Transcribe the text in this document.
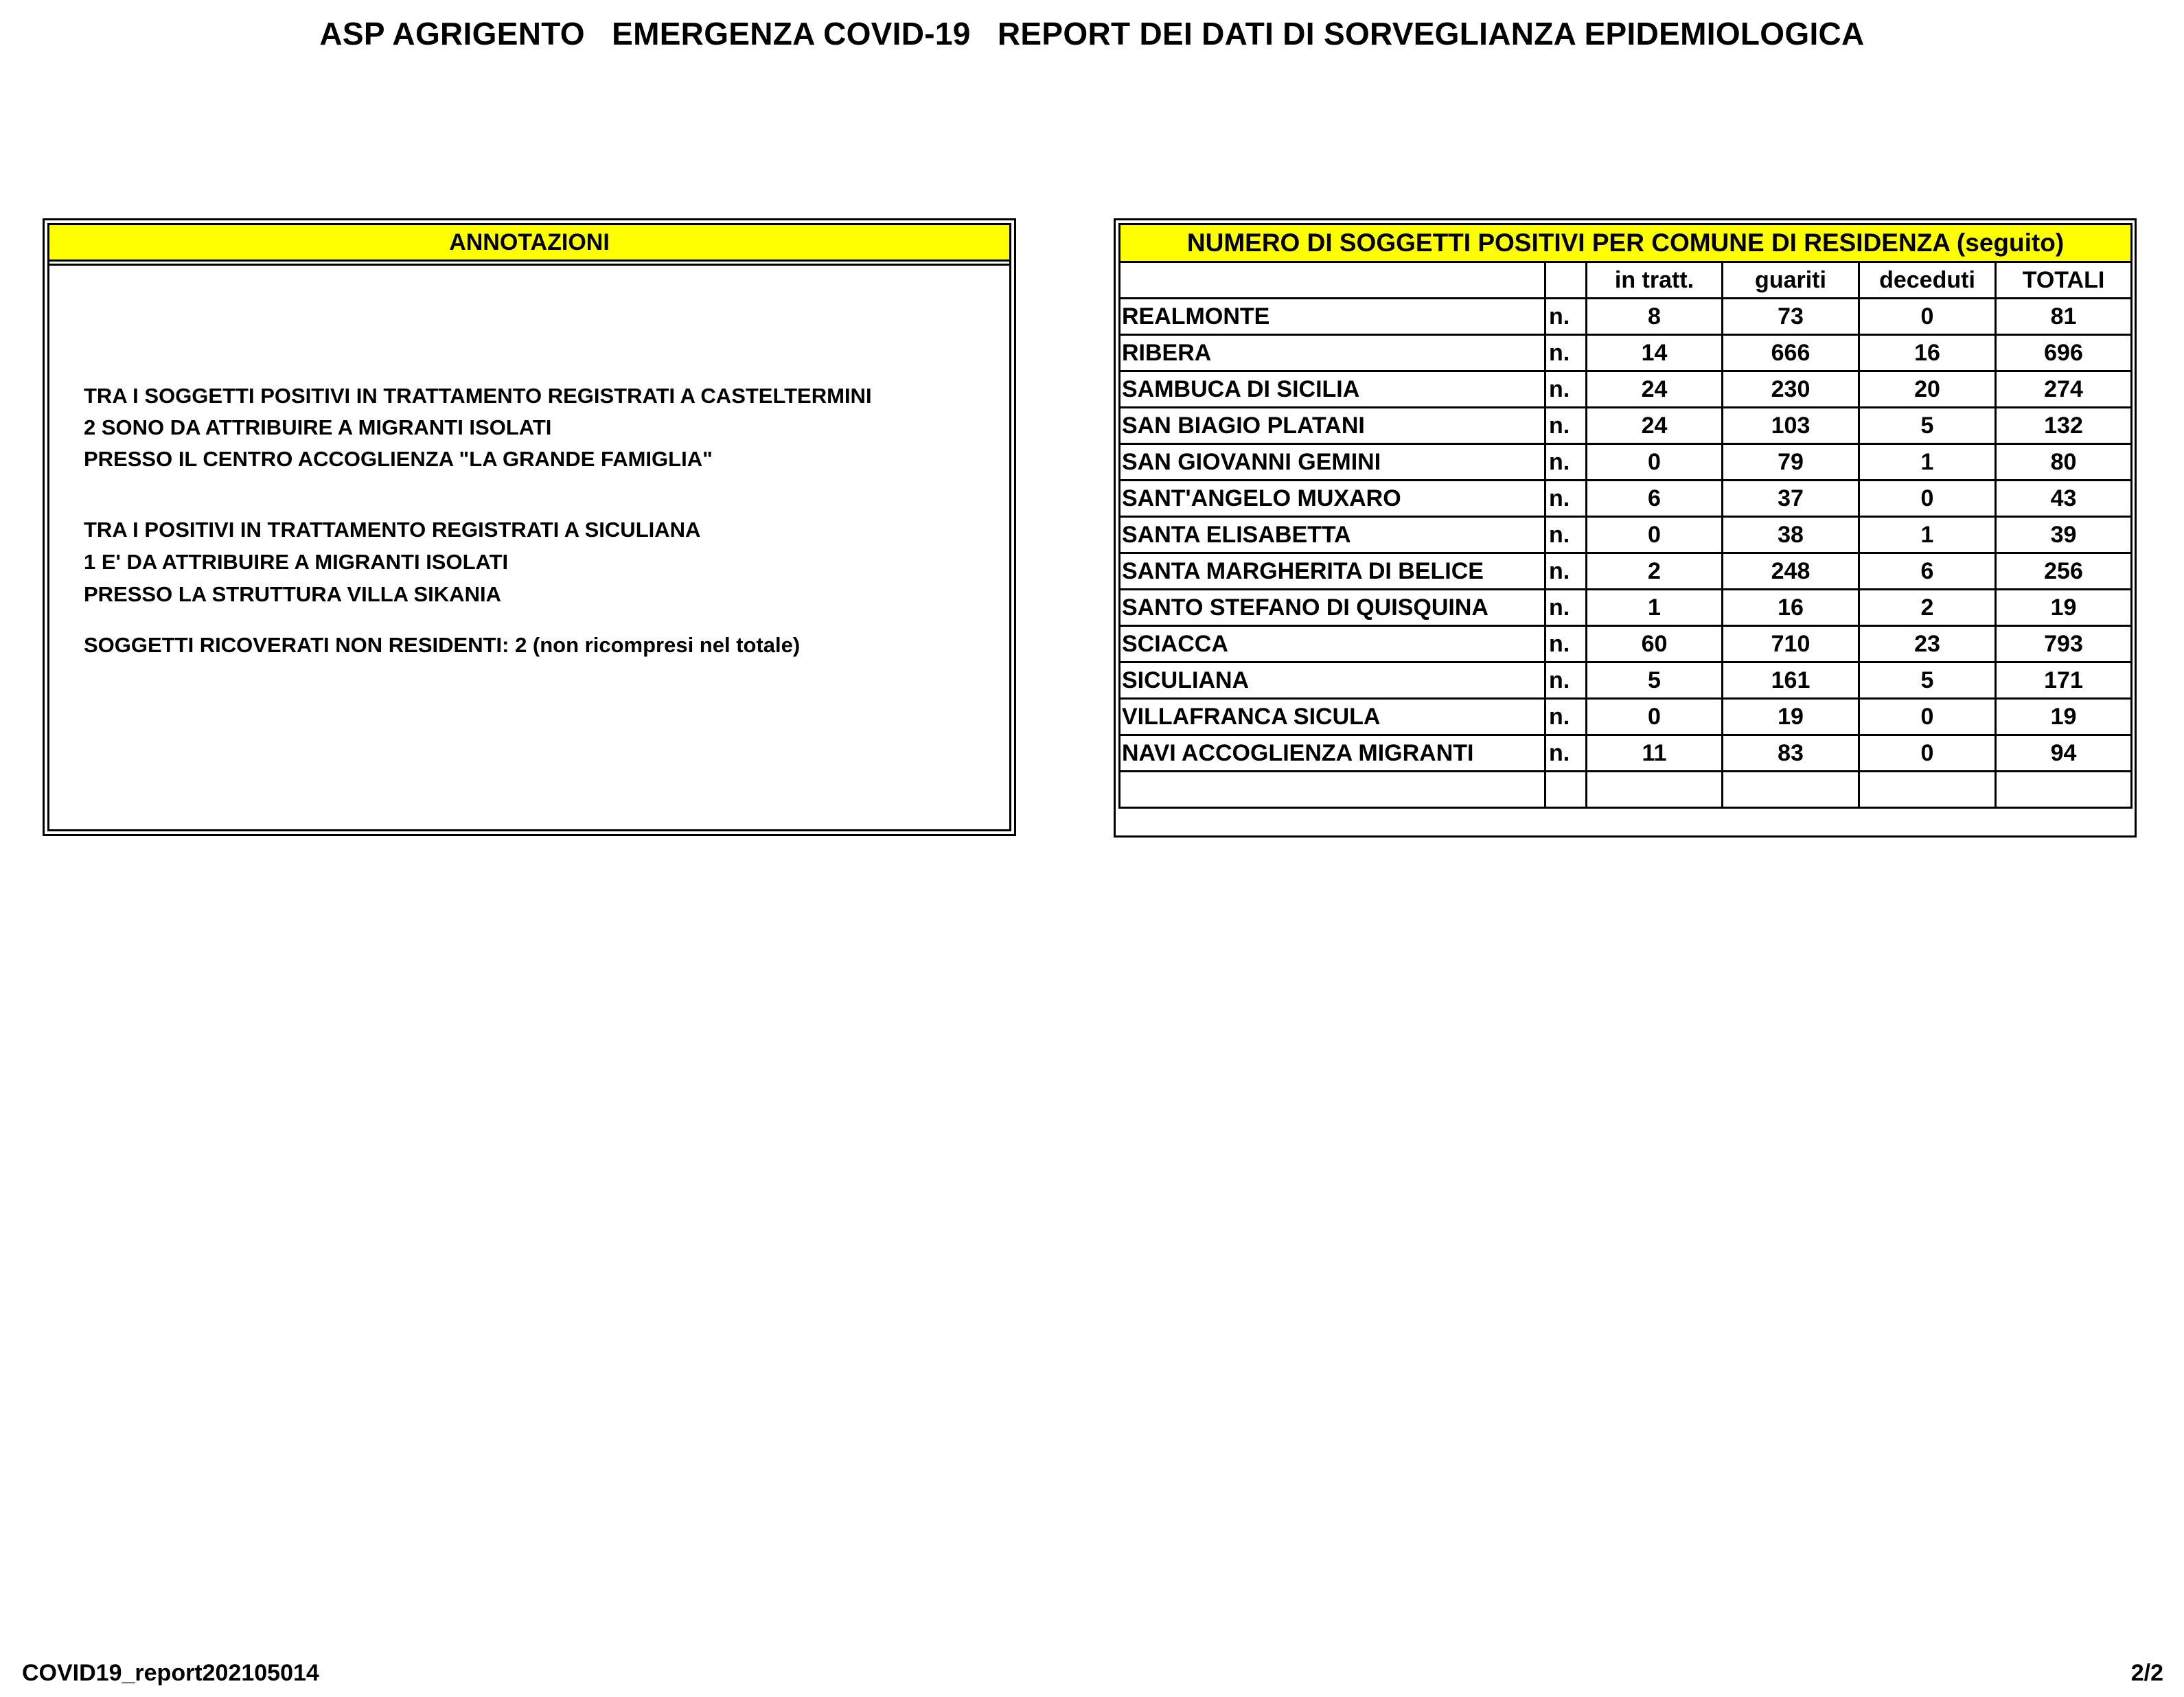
ASP AGRIGENTO   EMERGENZA COVID-19   REPORT DEI DATI DI SORVEGLIANZA EPIDEMIOLOGICA
ANNOTAZIONI
TRA I SOGGETTI POSITIVI IN TRATTAMENTO REGISTRATI A CASTELTERMINI
2 SONO DA ATTRIBUIRE A MIGRANTI ISOLATI
PRESSO IL CENTRO ACCOGLIENZA "LA GRANDE FAMIGLIA"
TRA I POSITIVI IN TRATTAMENTO REGISTRATI A SICULIANA
1 E' DA ATTRIBUIRE A MIGRANTI ISOLATI
PRESSO LA STRUTTURA VILLA SIKANIA
SOGGETTI RICOVERATI NON RESIDENTI: 2 (non ricompresi nel totale)
NUMERO DI SOGGETTI POSITIVI PER COMUNE DI RESIDENZA (seguito)					
		in tratt.	guariti	deceduti	TOTALI
REALMONTE	n.	8	73	0	81
RIBERA	n.	14	666	16	696
SAMBUCA DI SICILIA	n.	24	230	20	274
SAN BIAGIO PLATANI	n.	24	103	5	132
SAN GIOVANNI GEMINI	n.	0	79	1	80
SANT'ANGELO MUXARO	n.	6	37	0	43
SANTA ELISABETTA	n.	0	38	1	39
SANTA MARGHERITA DI BELICE	n.	2	248	6	256
SANTO STEFANO DI QUISQUINA	n.	1	16	2	19
SCIACCA	n.	60	710	23	793
SICULIANA	n.	5	161	5	171
VILLAFRANCA SICULA	n.	0	19	0	19
NAVI ACCOGLIENZA MIGRANTI	n.	11	83	0	94

COVID19_report202105014	2/2
